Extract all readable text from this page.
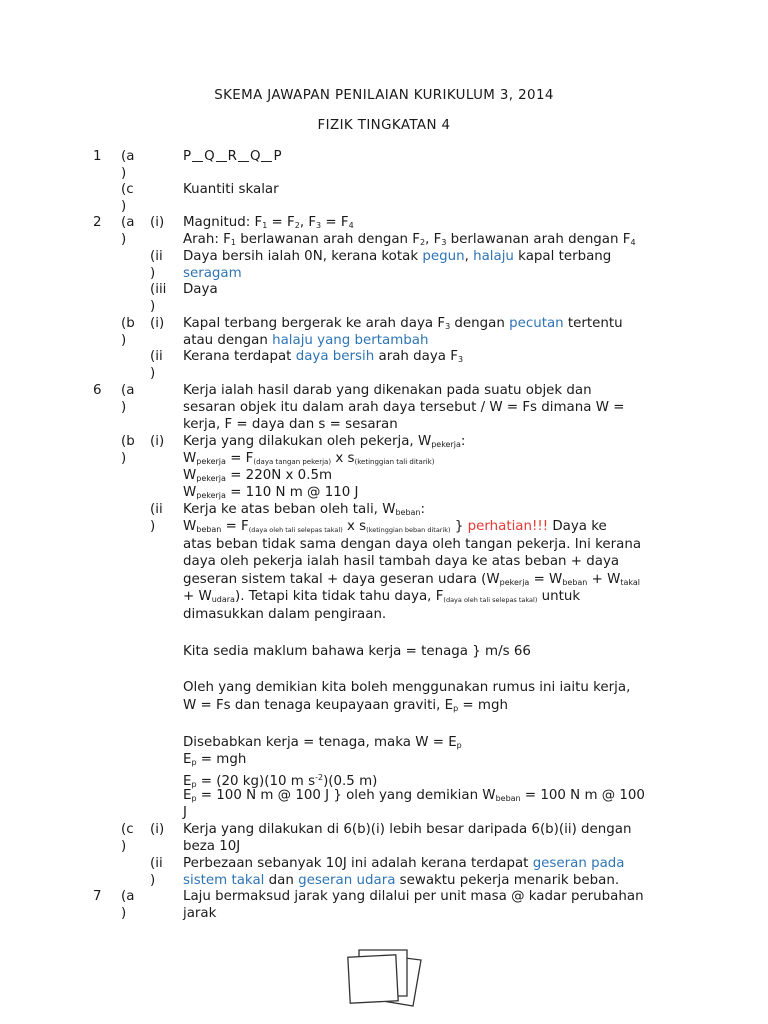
SKEMA JAWAPAN PENILAIAN KURIKULUM 3, 2014
FIZIK TINGKATAN 4
1 (a
)
P Q R Q P
(c
)
Kuantiti skalar
2 (a
)
(i) Magnitud: $F_1 = F_2$, $F_3 = F_4$
Arah: $F_1$ berlawanan arah dengan $F_2$, $F_3$ berlawanan arah dengan $F_4$
(ii
)
Daya bersih ialah 0N, kerana kotak pegun, halaju kapal terbang
seragam
(iii
)
Daya
(b
)
(i) Kapal terbang bergerak ke arah daya $F_3$ dengan pecutan tertentu
atau dengan halaju yang bertambah
(ii
)
Kerana terdapat daya bersih arah daya $F_3$
6 (a
)
Kerja ialah hasil darab yang dikenakan pada suatu objek dan
sesaran objek itu dalam arah daya tersebut / W = Fs dimana W =
kerja, F = daya dan s = sesaran
(b
)
(i) Kerja yang dilakukan oleh pekerja, $W_{pekerja}$:
$W_{pekerja} = F_{(daya tangan pekerja)}$ x $s_{(ketinggian tali ditarik)}$
$W_{pekerja} = 220N$ x 0.5m
$W_{pekerja} = 110$ N m @ 110 J
(ii
)
Kerja ke atas beban oleh tali, $W_{beban}$:
$W_{beban} = F_{(daya oleh tali selepas takal)}$ x $s_{(ketinggian beban ditarik)}$ } perhatian!!! Daya ke
atas beban tidak sama dengan daya oleh tangan pekerja. Ini kerana
daya oleh pekerja ialah hasil tambah daya ke atas beban + daya
geseran sistem takal + daya geseran udara ($W_{pekerja} = W_{beban} + W_{takal}$
+ $W_{udara}$). Tetapi kita tidak tahu daya, $F_{(daya oleh tali selepas takal)}$ untuk
dimasukkan dalam pengiraan.
Kita sedia maklum bahawa kerja = tenaga } m/s 66
Oleh yang demikian kita boleh menggunakan rumus ini iaitu kerja,
W = Fs dan tenaga keupayaan graviti, $E_p$ = mgh
Disebabkan kerja = tenaga, maka $W = E_p$
$E_p$ = mgh
$E_p = (20$ kg)(10 m $s^{-2})(0.5$ m)
$E_p = 100$ N m @ 100 J } oleh yang demikian $W_{beban} = 100$ N m @ 100
J
(c
)
(i) Kerja yang dilakukan di 6(b)(i) lebih besar daripada 6(b)(ii) dengan
beza 10J
(ii
)
Perbezaan sebanyak 10J ini adalah kerana terdapat geseran pada
sistem takal dan geseran udara sewaktu pekerja menarik beban.
7 (a
)
Laju bermaksud jarak yang dilalui per unit masa @ kadar perubahan
jarak
